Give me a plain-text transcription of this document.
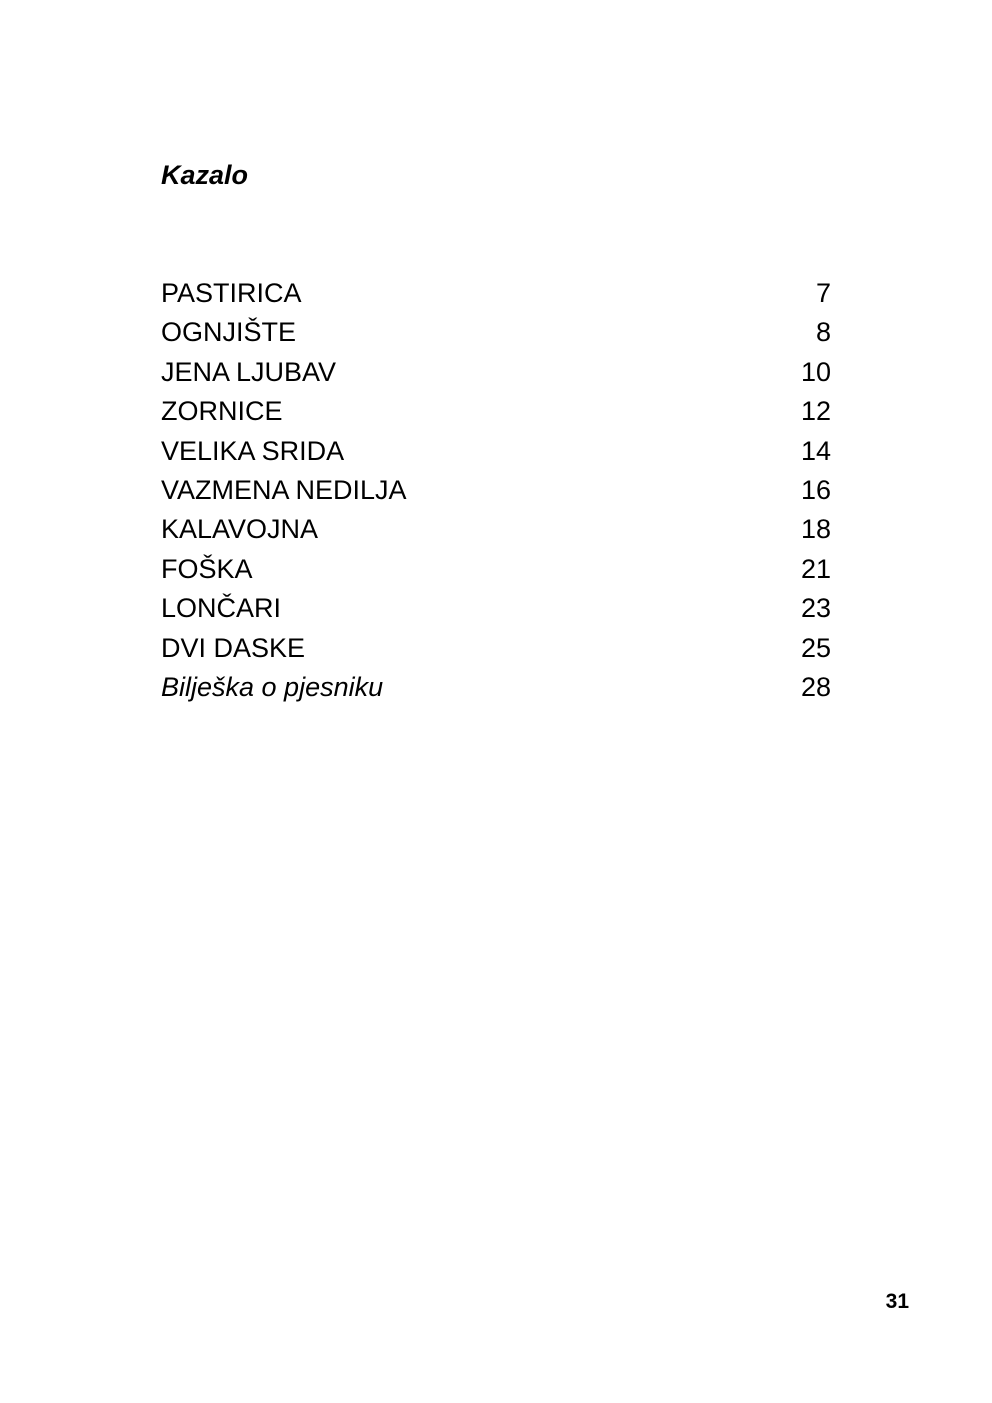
Kazalo
PASTIRICA	7
OGNJIŠTE	8
JENA LJUBAV	10
ZORNICE	12
VELIKA SRIDA	14
VAZMENA NEDILJA	16
KALAVOJNA	18
FOŠKA	21
LONČARI	23
DVI DASKE	25
Bilješka o pjesniku	28
31
